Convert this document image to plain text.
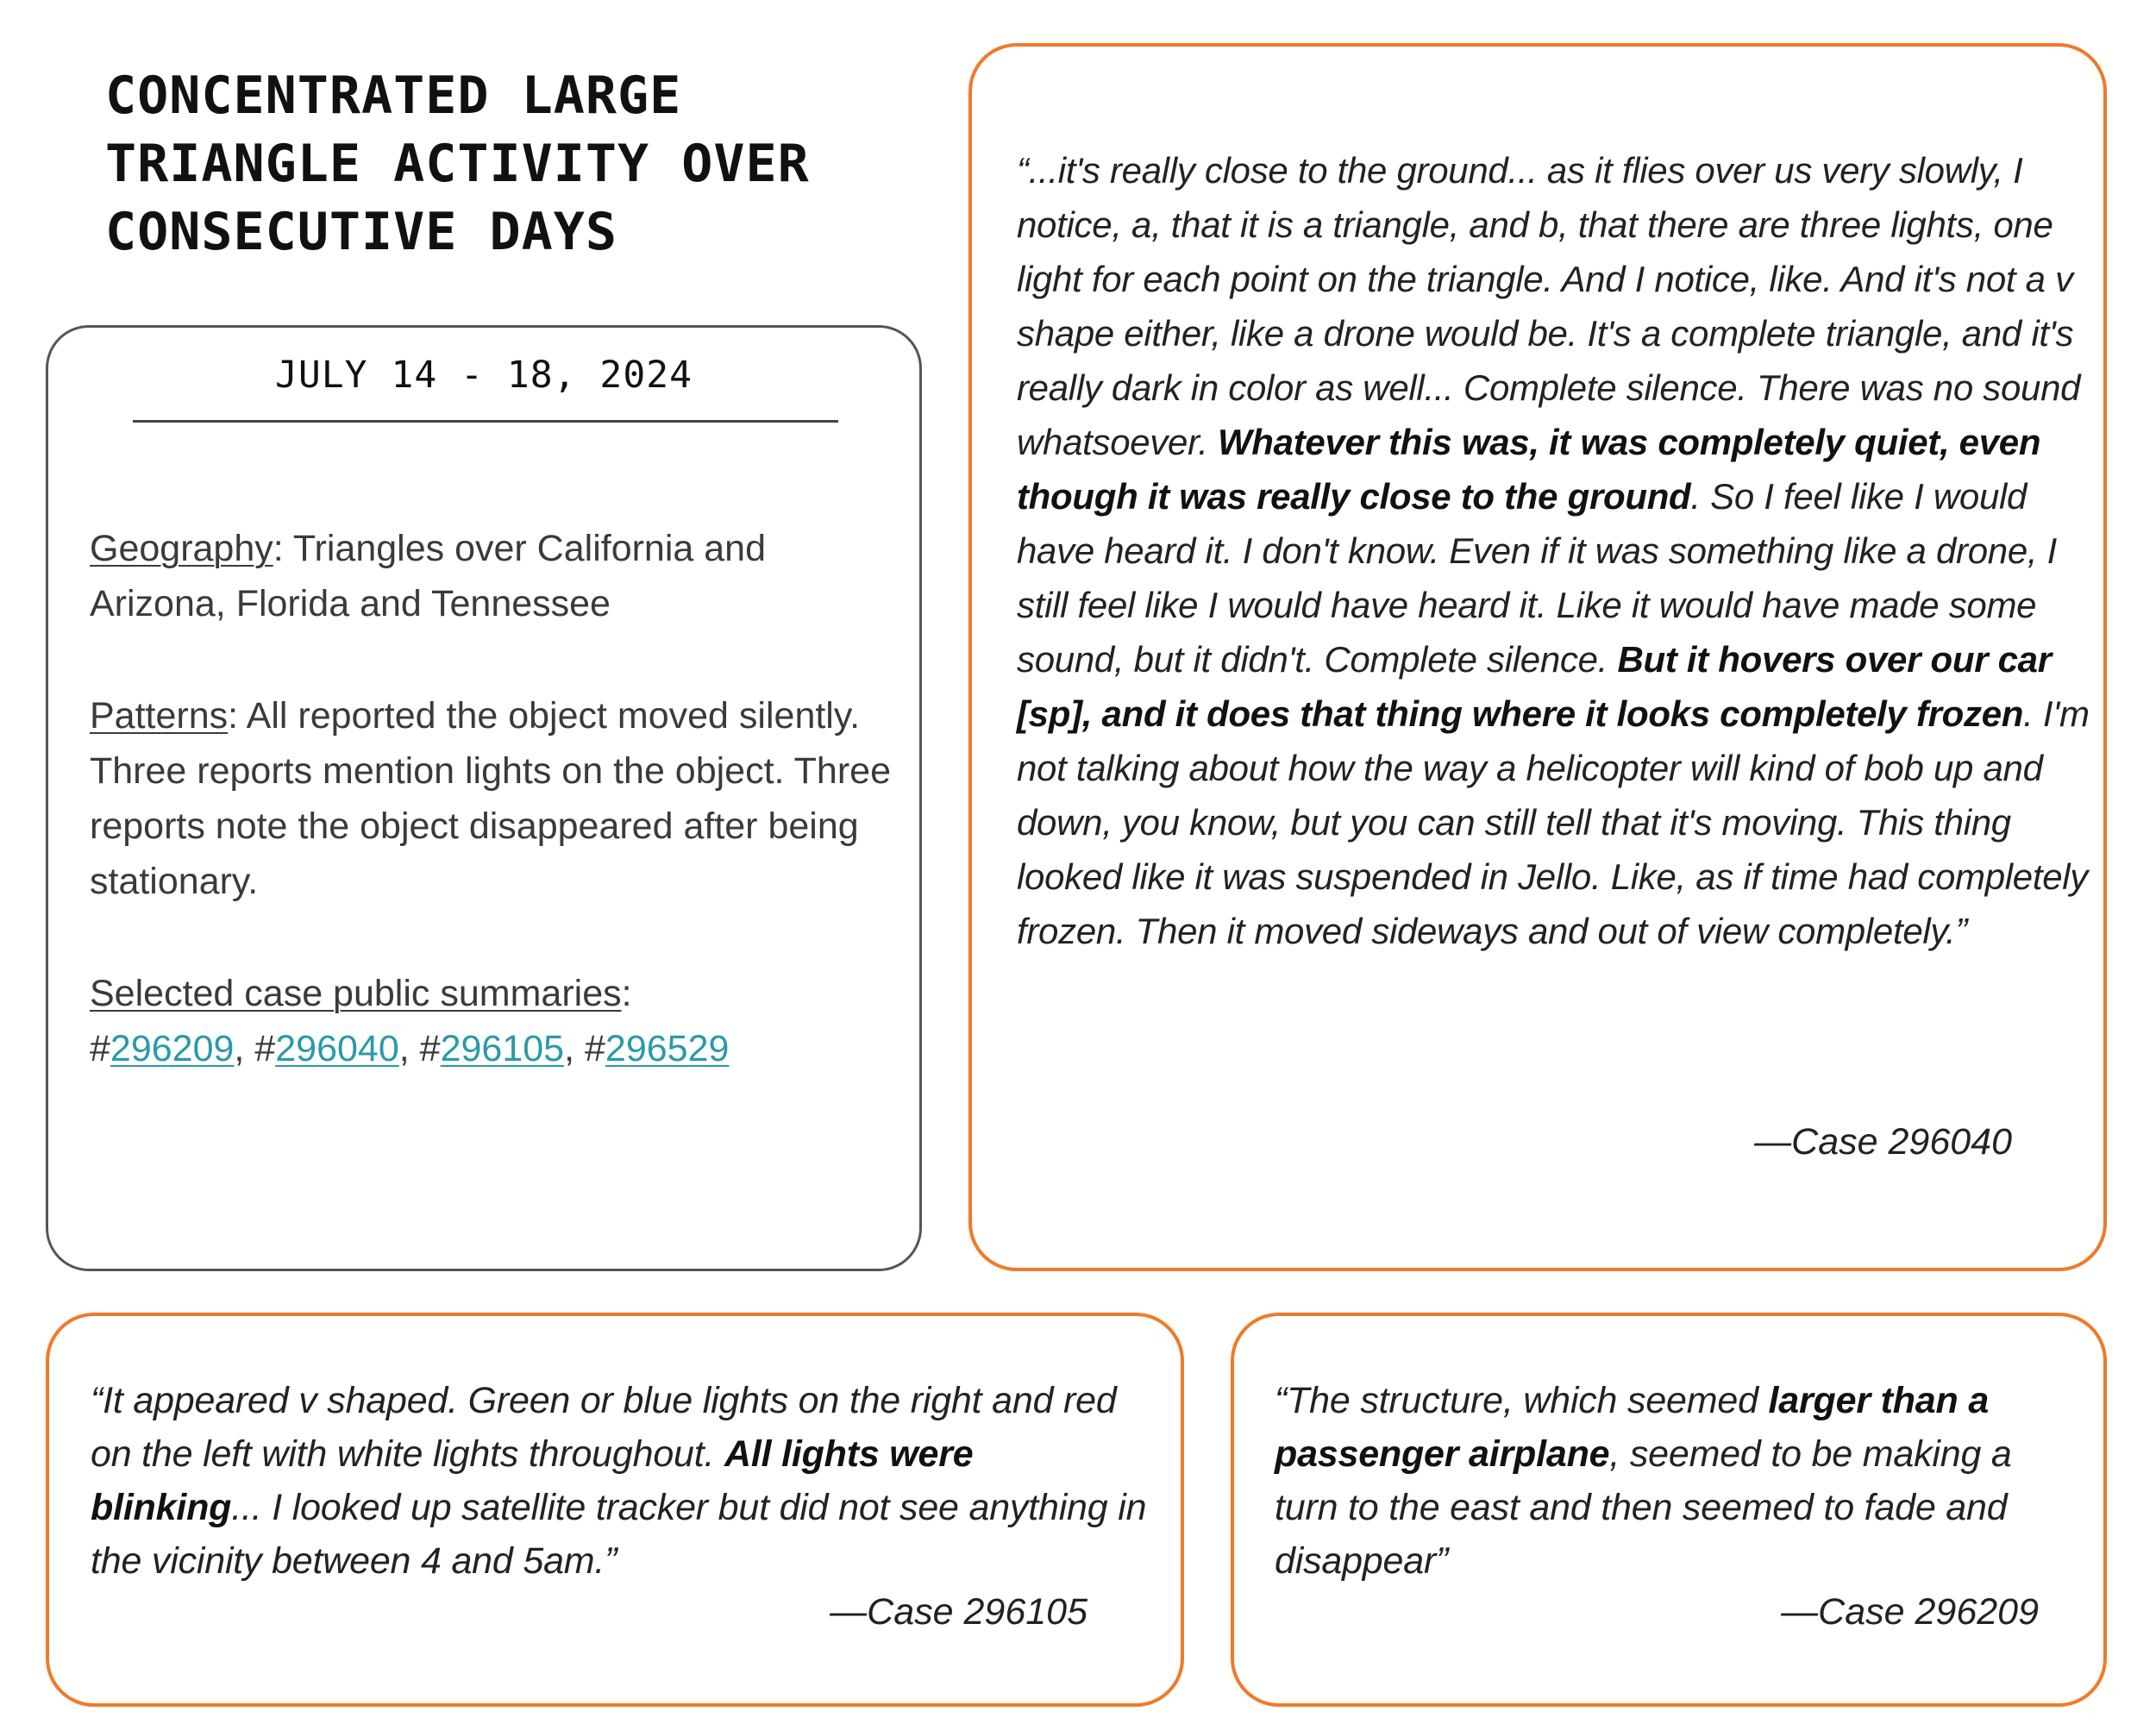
CONCENTRATED LARGE
TRIANGLE ACTIVITY OVER
CONSECUTIVE DAYS
JULY 14 - 18, 2024

Geography: Triangles over California and Arizona, Florida and Tennessee

Patterns: All reported the object moved silently. Three reports mention lights on the object. Three reports note the object disappeared after being stationary.

Selected case public summaries:
#296209, #296040, #296105, #296529

“...it's really close to the ground... as it flies over us very slowly, I notice, a, that it is a triangle, and b, that there are three lights, one light for each point on the triangle. And I notice, like. And it's not a v shape either, like a drone would be. It's a complete triangle, and it's really dark in color as well... Complete silence. There was no sound whatsoever. Whatever this was, it was completely quiet, even though it was really close to the ground. So I feel like I would have heard it. I don't know. Even if it was something like a drone, I still feel like I would have heard it. Like it would have made some sound, but it didn't. Complete silence. But it hovers over our car [sp], and it does that thing where it looks completely frozen. I'm not talking about how the way a helicopter will kind of bob up and down, you know, but you can still tell that it's moving. This thing looked like it was suspended in Jello. Like, as if time had completely frozen. Then it moved sideways and out of view completely.”

—Case 296040

“It appeared v shaped. Green or blue lights on the right and red on the left with white lights throughout. All lights were blinking... I looked up satellite tracker but did not see anything in the vicinity between 4 and 5am.”

—Case 296105

“The structure, which seemed larger than a passenger airplane, seemed to be making a turn to the east and then seemed to fade and disappear”

—Case 296209
